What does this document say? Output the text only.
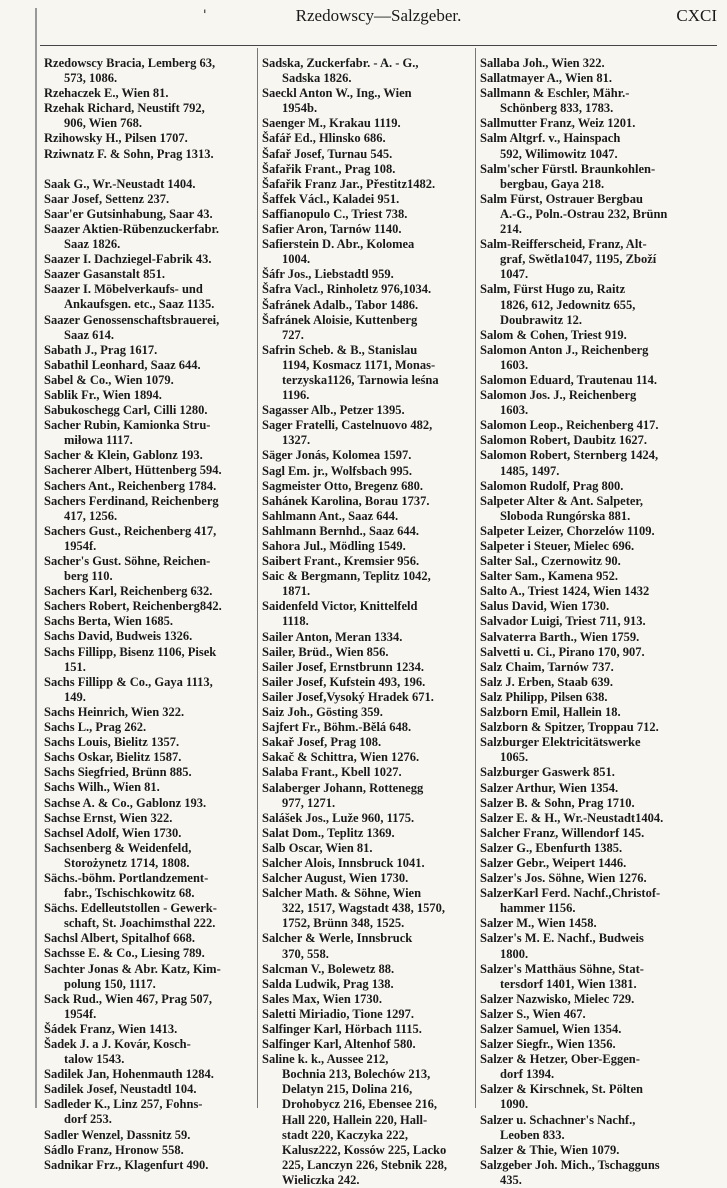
'	Rzedowscy—Salzgeber.	CXCI
Rzedowscy Bracia, Lemberg 63,
573, 1086.
Rzehaczek E., Wien 81.
Rzehak Richard, Neustift 792,
906, Wien 768.
Rzihowsky H., Pilsen 1707.
Rziwnatz F. & Sohn, Prag 1313.
Saak G., Wr.-Neustadt 1404.
Saar Josef, Settenz 237.
Saar'er Gutsinhabung, Saar 43.
Saazer Aktien-Rübenzuckerfabr.
Saaz 1826.
Saazer I. Dachziegel-Fabrik 43.
Saazer Gasanstalt 851.
Saazer I. Möbelverkaufs- und
Ankaufsgen. etc., Saaz 1135.
Saazer Genossenschaftsbrauerei,
Saaz 614.
Sabath J., Prag 1617.
Sabathil Leonhard, Saaz 644.
Sabel & Co., Wien 1079.
Sablik Fr., Wien 1894.
Sabukoschegg Carl, Cilli 1280.
Sacher Rubin, Kamionka Stru-
miłowa 1117.
Sacher & Klein, Gablonz 193.
Sacherer Albert, Hüttenberg 594.
Sachers Ant., Reichenberg 1784.
Sachers Ferdinand, Reichenberg
417, 1256.
Sachers Gust., Reichenberg 417,
1954f.
Sacher's Gust. Söhne, Reichen-
berg 110.
Sachers Karl, Reichenberg 632.
Sachers Robert, Reichenberg842.
Sachs Berta, Wien 1685.
Sachs David, Budweis 1326.
Sachs Fillipp, Bisenz 1106, Pisek
151.
Sachs Fillipp & Co., Gaya 1113,
149.
Sachs Heinrich, Wien 322.
Sachs L., Prag 262.
Sachs Louis, Bielitz 1357.
Sachs Oskar, Bielitz 1587.
Sachs Siegfried, Brünn 885.
Sachs Wilh., Wien 81.
Sachse A. & Co., Gablonz 193.
Sachse Ernst, Wien 322.
Sachsel Adolf, Wien 1730.
Sachsenberg & Weidenfeld,
Storożynetz 1714, 1808.
Sächs.-böhm. Portlandzement-
fabr., Tschischkowitz 68.
Sächs. Edelleutstollen - Gewerk-
schaft, St. Joachimsthal 222.
Sachsl Albert, Spitalhof 668.
Sachsse E. & Co., Liesing 789.
Sachter Jonas & Abr. Katz, Kim-
polung 150, 1117.
Sack Rud., Wien 467, Prag 507,
1954f.
Šádek Franz, Wien 1413.
Šadek J. a J. Kovár, Kosch-
talow 1543.
Sadilek Jan, Hohenmauth 1284.
Sadilek Josef, Neustadtl 104.
Sadleder K., Linz 257, Fohns-
dorf 253.
Sadler Wenzel, Dassnitz 59.
Sádlo Franz, Hronow 558.
Sadnikar Frz., Klagenfurt 490.
Sadska, Zuckerfabr. - A. - G.,
Sadska 1826.
Saeckl Anton W., Ing., Wien
1954b.
Saenger M., Krakau 1119.
Šafář Ed., Hlinsko 686.
Šafař Josef, Turnau 545.
Šafařik Frant., Prag 108.
Šafařik Franz Jar., Přestitz1482.
Šaffek Václ., Kaladei 951.
Saffianopulo C., Triest 738.
Safier Aron, Tarnów 1140.
Safierstein D. Abr., Kolomea
1004.
Šáfr Jos., Liebstadtl 959.
Šafra Vacl., Rinholetz 976,1034.
Šafránek Adalb., Tabor 1486.
Šafránek Aloisie, Kuttenberg
727.
Safrin Scheb. & B., Stanislau
1194, Kosmacz 1171, Monas-
terzyska1126, Tarnowia leśna
1196.
Sagasser Alb., Petzer 1395.
Sager Fratelli, Castelnuovo 482,
1327.
Säger Jonás, Kolomea 1597.
Sagl Em. jr., Wolfsbach 995.
Sagmeister Otto, Bregenz 680.
Sahánek Karolina, Borau 1737.
Sahlmann Ant., Saaz 644.
Sahlmann Bernhd., Saaz 644.
Sahora Jul., Mödling 1549.
Saibert Frant., Kremsier 956.
Saic & Bergmann, Teplitz 1042,
1871.
Saidenfeld Victor, Knittelfeld
1118.
Sailer Anton, Meran 1334.
Sailer, Brüd., Wien 856.
Sailer Josef, Ernstbrunn 1234.
Sailer Josef, Kufstein 493, 196.
Sailer Josef,Vysoký Hradek 671.
Saiz Joh., Gösting 359.
Sajfert Fr., Böhm.-Bělá 648.
Sakař Josef, Prag 108.
Sakač & Schittra, Wien 1276.
Salaba Frant., Kbell 1027.
Salaberger Johann, Rottenegg
977, 1271.
Salášek Jos., Luže 960, 1175.
Salat Dom., Teplitz 1369.
Salb Oscar, Wien 81.
Salcher Alois, Innsbruck 1041.
Salcher August, Wien 1730.
Salcher Math. & Söhne, Wien
322, 1517, Wagstadt 438, 1570,
1752, Brünn 348, 1525.
Salcher & Werle, Innsbruck
370, 558.
Salcman V., Bolewetz 88.
Salda Ludwik, Prag 138.
Sales Max, Wien 1730.
Saletti Miriadio, Tione 1297.
Salfinger Karl, Hörbach 1115.
Salfinger Karl, Altenhof 580.
Saline k. k., Aussee 212,
Bochnia 213, Bolechów 213,
Delatyn 215, Dolina 216,
Drohobycz 216, Ebensee 216,
Hall 220, Hallein 220, Hall-
stadt 220, Kaczyka 222,
Kalusz222, Kossów 225, Lacko
225, Lanczyn 226, Stebnik 228,
Wieliczka 242.
Sallaba Joh., Wien 322.
Sallatmayer A., Wien 81.
Sallmann & Eschler, Mähr.-
Schönberg 833, 1783.
Sallmutter Franz, Weiz 1201.
Salm Altgrf. v., Hainspach
592, Wilimowitz 1047.
Salm'scher Fürstl. Braunkohlen-
bergbau, Gaya 218.
Salm Fürst, Ostrauer Bergbau
A.-G., Poln.-Ostrau 232, Brünn
214.
Salm-Reifferscheid, Franz, Alt-
graf, Swětla1047, 1195, Zboží
1047.
Salm, Fürst Hugo zu, Raitz
1826, 612, Jedownitz 655,
Doubrawitz 12.
Salom & Cohen, Triest 919.
Salomon Anton J., Reichenberg
1603.
Salomon Eduard, Trautenau 114.
Salomon Jos. J., Reichenberg
1603.
Salomon Leop., Reichenberg 417.
Salomon Robert, Daubitz 1627.
Salomon Robert, Sternberg 1424,
1485, 1497.
Salomon Rudolf, Prag 800.
Salpeter Alter & Ant. Salpeter,
Sloboda Rungórska 881.
Salpeter Leizer, Chorzelów 1109.
Salpeter i Steuer, Mielec 696.
Salter Sal., Czernowitz 90.
Salter Sam., Kamena 952.
Salto A., Triest 1424, Wien 1432
Salus David, Wien 1730.
Salvador Luigi, Triest 711, 913.
Salvaterra Barth., Wien 1759.
Salvetti u. Ci., Pirano 170, 907.
Salz Chaim, Tarnów 737.
Salz J. Erben, Staab 639.
Salz Philipp, Pilsen 638.
Salzborn Emil, Hallein 18.
Salzborn & Spitzer, Troppau 712.
Salzburger Elektricitätswerke
1065.
Salzburger Gaswerk 851.
Salzer Arthur, Wien 1354.
Salzer B. & Sohn, Prag 1710.
Salzer E. & H., Wr.-Neustadt1404.
Salcher Franz, Willendorf 145.
Salzer G., Ebenfurth 1385.
Salzer Gebr., Weipert 1446.
Salzer's Jos. Söhne, Wien 1276.
SalzerKarl Ferd. Nachf.,Christof-
hammer 1156.
Salzer M., Wien 1458.
Salzer's M. E. Nachf., Budweis
1800.
Salzer's Matthäus Söhne, Stat-
tersdorf 1401, Wien 1381.
Salzer Nazwisko, Mielec 729.
Salzer S., Wien 467.
Salzer Samuel, Wien 1354.
Salzer Siegfr., Wien 1356.
Salzer & Hetzer, Ober-Eggen-
dorf 1394.
Salzer & Kirschnek, St. Pölten
1090.
Salzer u. Schachner's Nachf.,
Leoben 833.
Salzer & Thie, Wien 1079.
Salzgeber Joh. Mich., Tschagguns
435.
